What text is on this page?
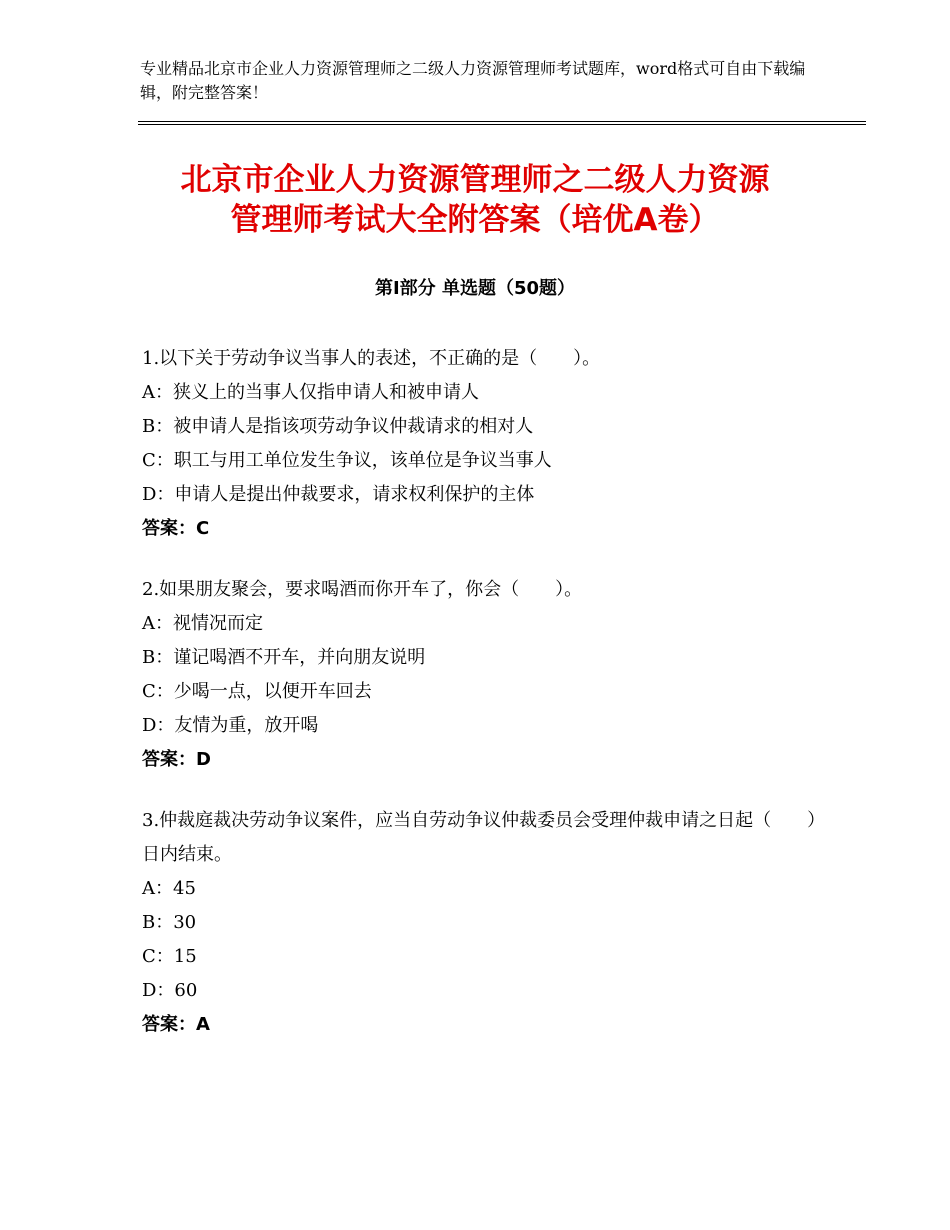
专业精品北京市企业人力资源管理师之二级人力资源管理师考试题库，word格式可自由下载编辑，附完整答案！
北京市企业人力资源管理师之二级人力资源
管理师考试大全附答案（培优A卷）
第Ⅰ部分 单选题（50题）

1.以下关于劳动争议当事人的表述，不正确的是（　　）。

A：狭义上的当事人仅指申请人和被申请人

B：被申请人是指该项劳动争议仲裁请求的相对人

C：职工与用工单位发生争议，该单位是争议当事人

D：申请人是提出仲裁要求，请求权利保护的主体

答案：C

2.如果朋友聚会，要求喝酒而你开车了，你会（　　）。

A：视情况而定

B：谨记喝酒不开车，并向朋友说明

C：少喝一点，以便开车回去

D：友情为重，放开喝

答案：D

3.仲裁庭裁决劳动争议案件，应当自劳动争议仲裁委员会受理仲裁申请之日起（　　）日内结束。

A：45

B：30

C：15

D：60

答案：A
